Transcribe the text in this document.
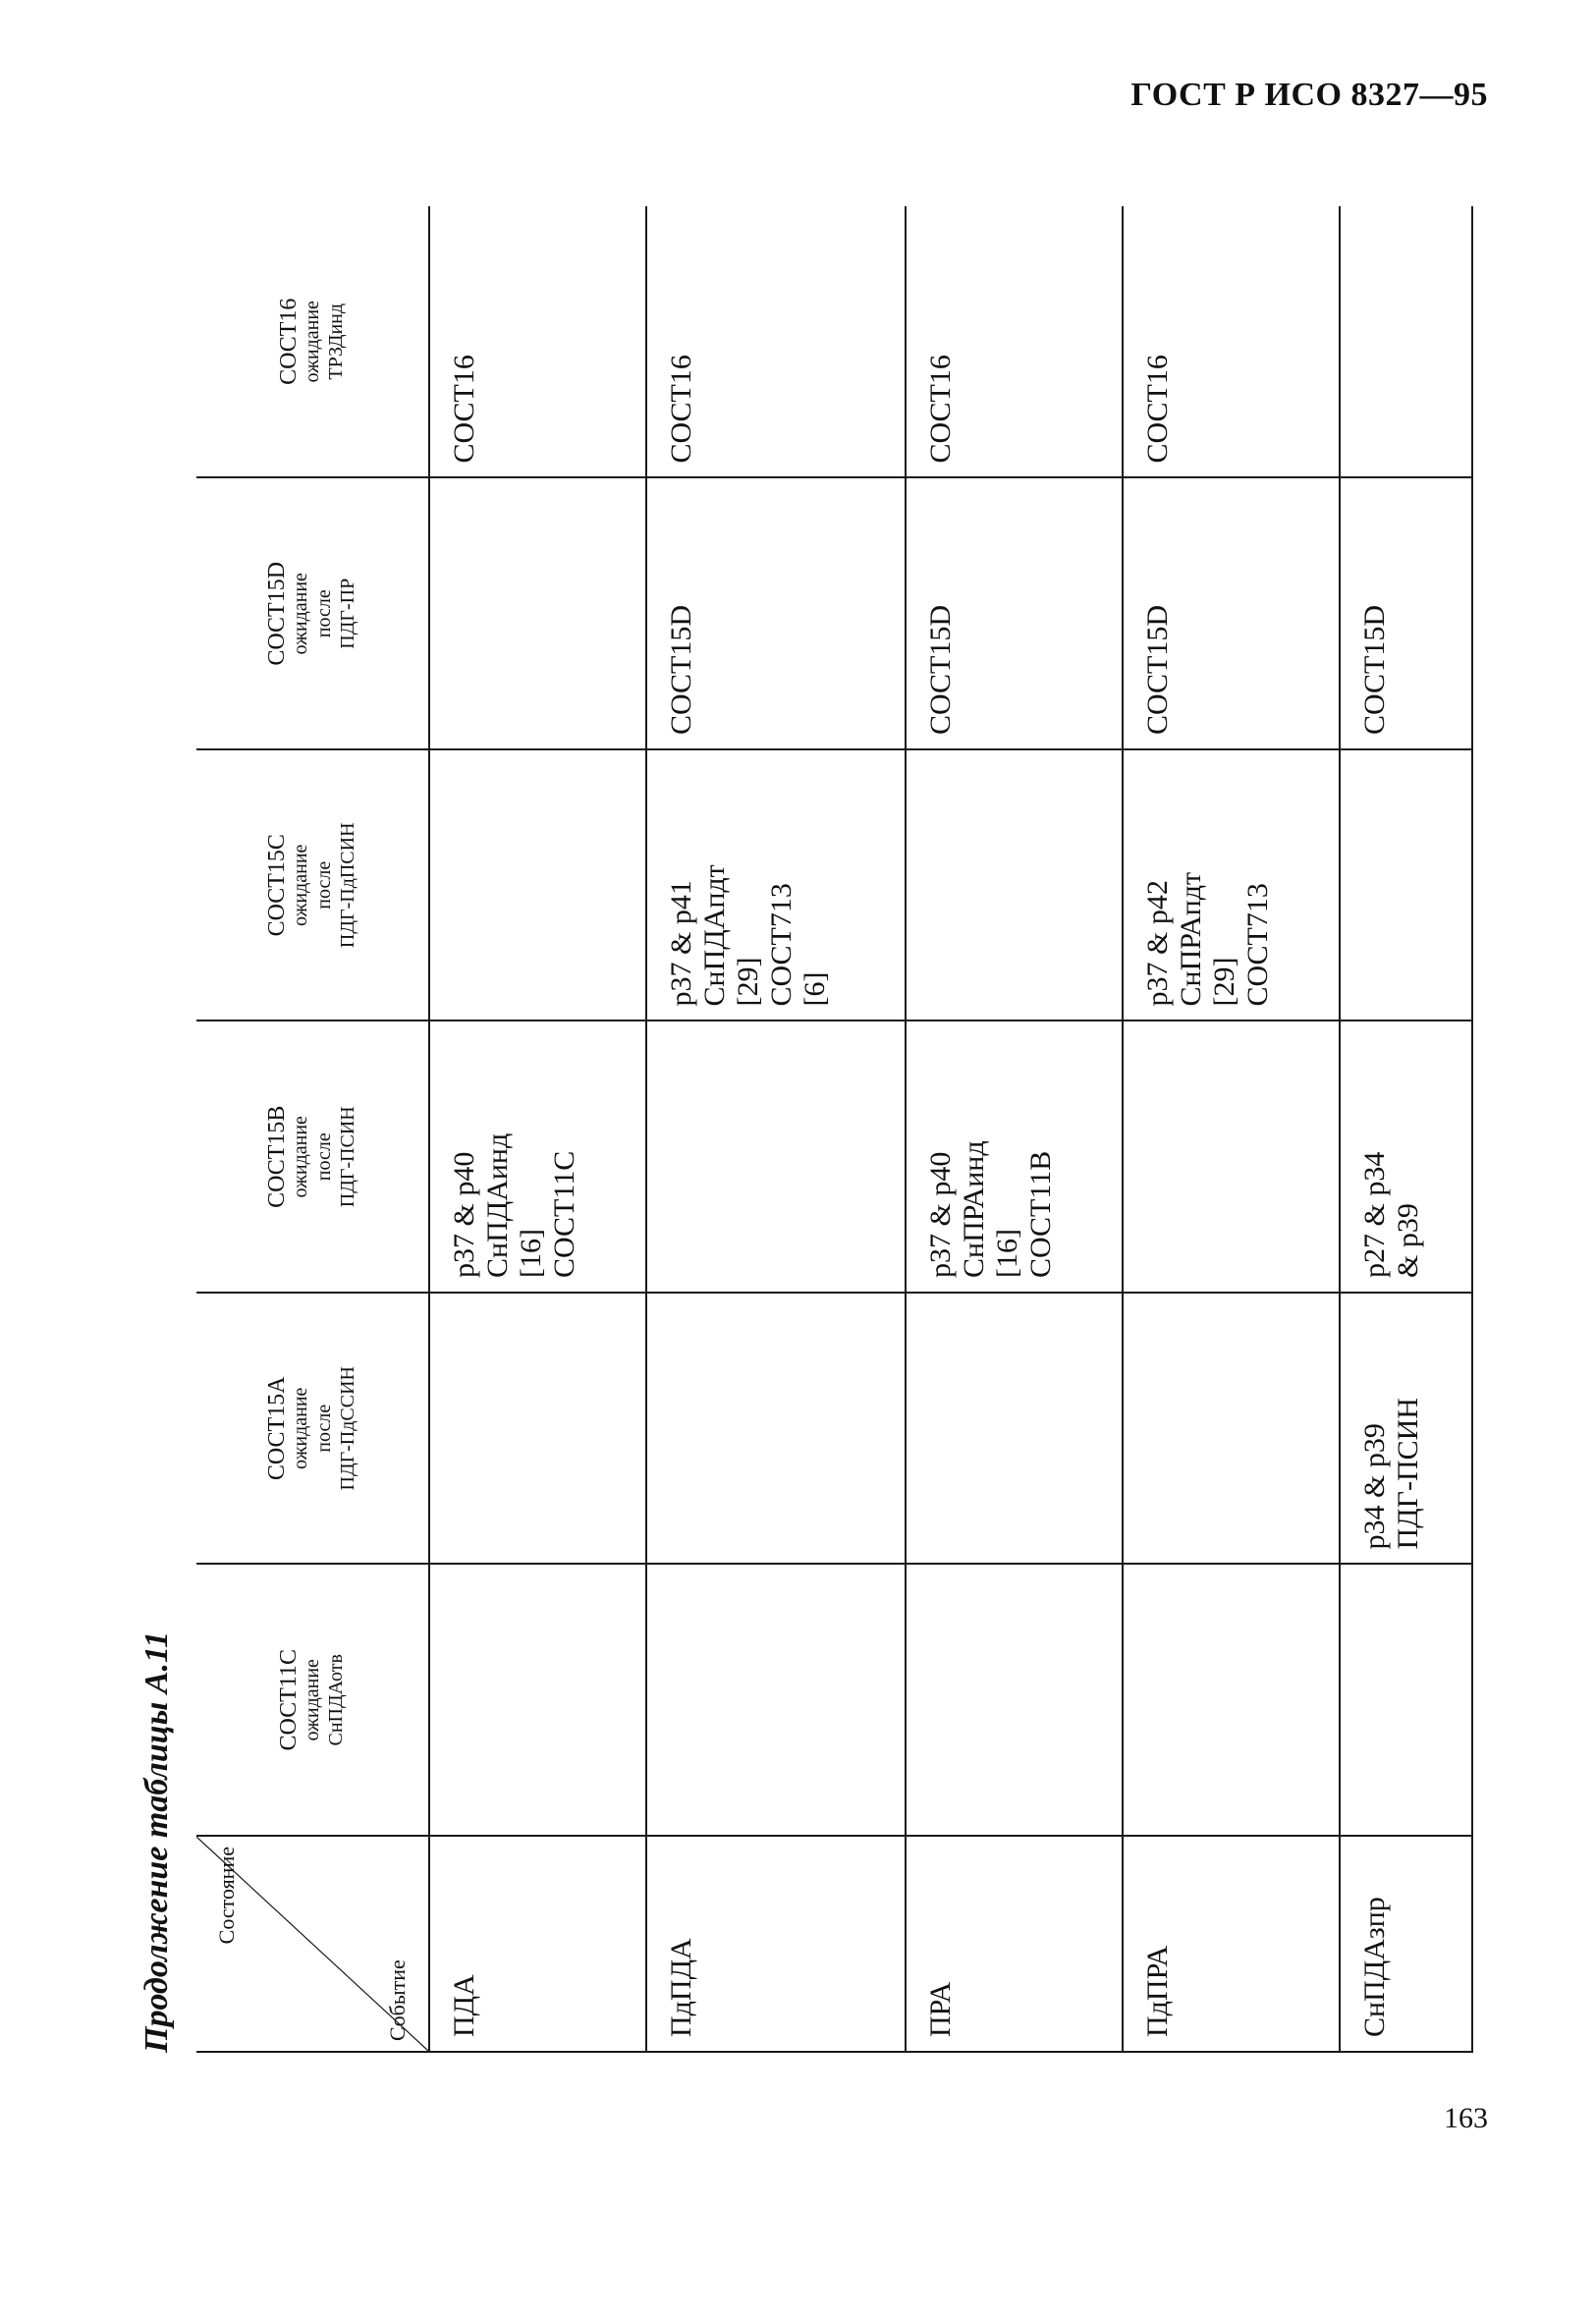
ГОСТ Р ИСО 8327—95
Продолжение таблицы А.11	Состояние
Событие	СОСТ11С ожидание СнПДАотв	СОСТ15А ожидание после ПДГ-ПдССИН	СОСТ15В ожидание после ПДГ-ПСИН	СОСТ15С ожидание после ПДГ-ПдПСИН	СОСТ15D ожидание после ПДГ-ПР	СОСТ16 ожидание ТРЗДинд

ПДА			р37 & р40 СнПДАинд [16] СОСТ11С			СОСТ16

ПдПДА				р37 & р41 СнПДАпдт [29] СОСТ713 [6]	СОСТ15D	СОСТ16

ПРА			р37 & р40 СнПРАинд [16] СОСТ11В		СОСТ15D	СОСТ16

ПдПРА				р37 & р42 СнПРАпдт [29] СОСТ713	СОСТ15D	СОСТ16

СнПДАзпр		р34 & р39 ПДГ-ПСИН	р27 & р34 & р39		СОСТ15D	

163
